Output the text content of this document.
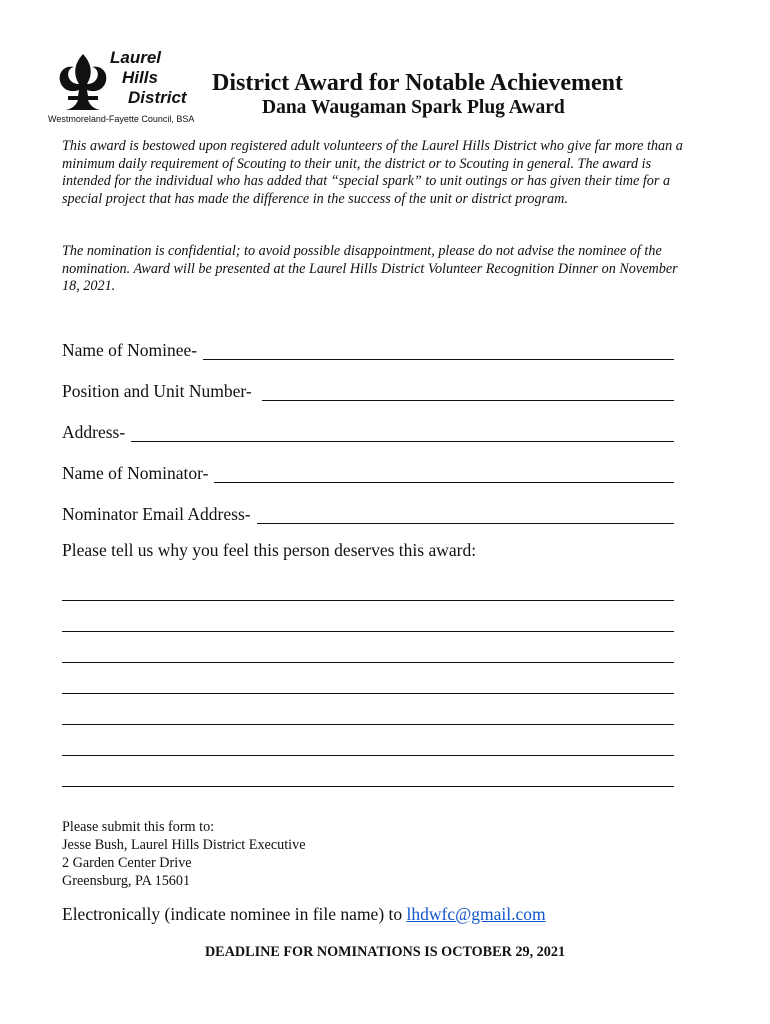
Laurel
Hills
District
Westmoreland-Fayette Council, BSA
District Award for Notable Achievement
Dana Waugaman Spark Plug Award
This award is bestowed upon registered adult volunteers of the Laurel Hills District who give far more than a minimum daily requirement of Scouting to their unit, the district or to Scouting in general. The award is intended for the individual who has added that “special spark” to unit outings or has given their time for a special project that has made the difference in the success of the unit or district program.
The nomination is confidential; to avoid possible disappointment, please do not advise the nominee of the nomination. Award will be presented at the Laurel Hills District Volunteer Recognition Dinner on November 18, 2021.
Name of Nominee-
Position and Unit Number-
Address-
Name of Nominator-
Nominator Email Address-
Please tell us why you feel this person deserves this award:
Please submit this form to:
Jesse Bush, Laurel Hills District Executive
2 Garden Center Drive
Greensburg, PA 15601
Electronically (indicate nominee in file name) to lhdwfc@gmail.com
DEADLINE FOR NOMINATIONS IS OCTOBER 29, 2021
